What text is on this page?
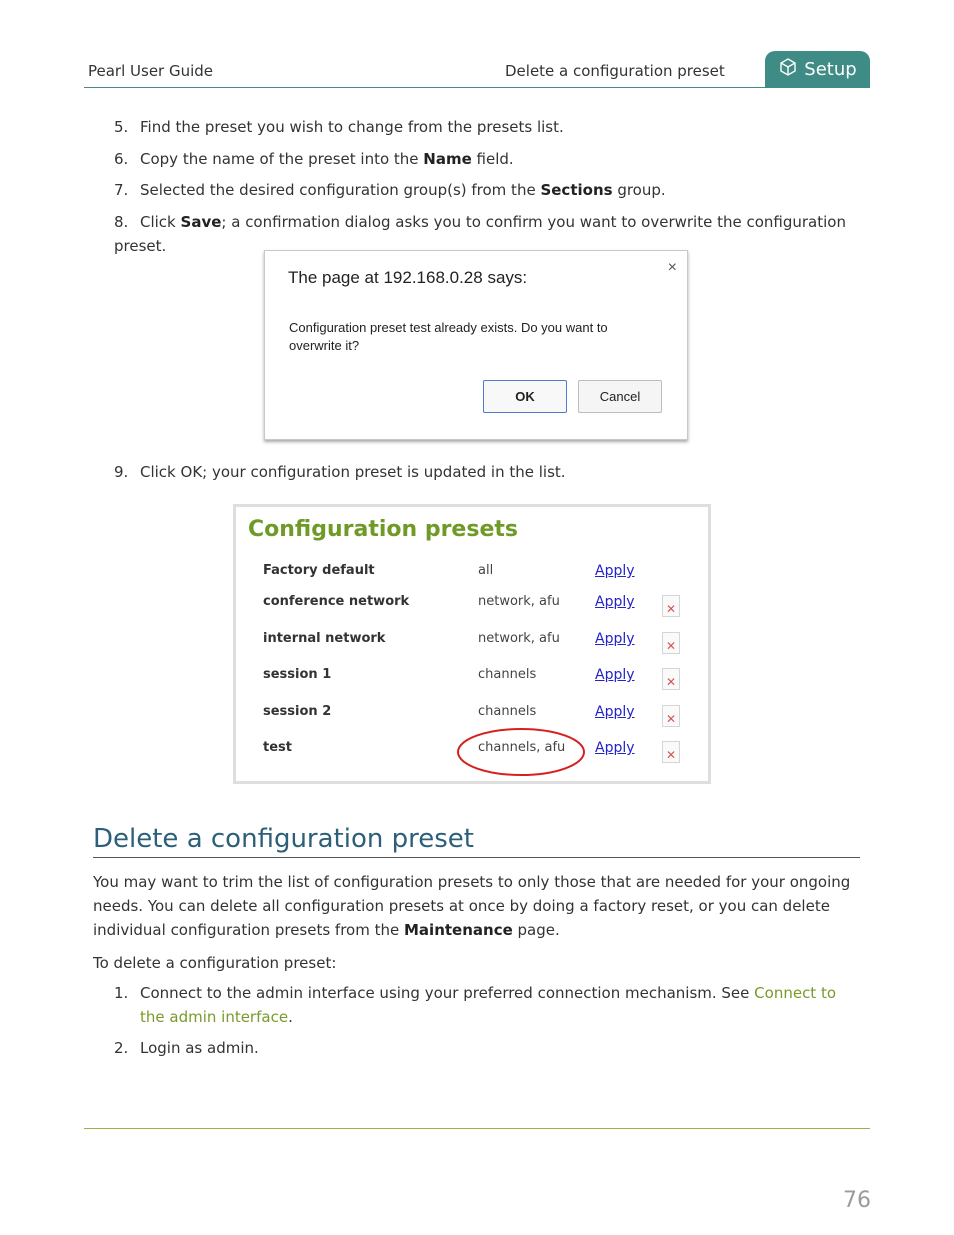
Pearl User Guide	Delete a configuration preset	Setup
5. Find the preset you wish to change from the presets list.
6. Copy the name of the preset into the Name field.
7. Selected the desired configuration group(s) from the Sections group.
8. Click Save; a confirmation dialog asks you to confirm you want to overwrite the configuration preset.
The page at 192.168.0.28 says:
×
Configuration preset test already exists. Do you want to overwrite it?
OK	Cancel
9. Click OK; your configuration preset is updated in the list.
Configuration presets
Factory default	all	Apply
conference network	network, afu	Apply	✕
internal network	network, afu	Apply	✕
session 1	channels	Apply	✕
session 2	channels	Apply	✕
test	channels, afu Apply	✕
Delete a configuration preset
You may want to trim the list of configuration presets to only those that are needed for your ongoing needs. You can delete all configuration presets at once by doing a factory reset, or you can delete individual configuration presets from the Maintenance page.
To delete a configuration preset:
1. Connect to the admin interface using your preferred connection mechanism. See Connect to the admin interface.
2. Login as admin.
76
